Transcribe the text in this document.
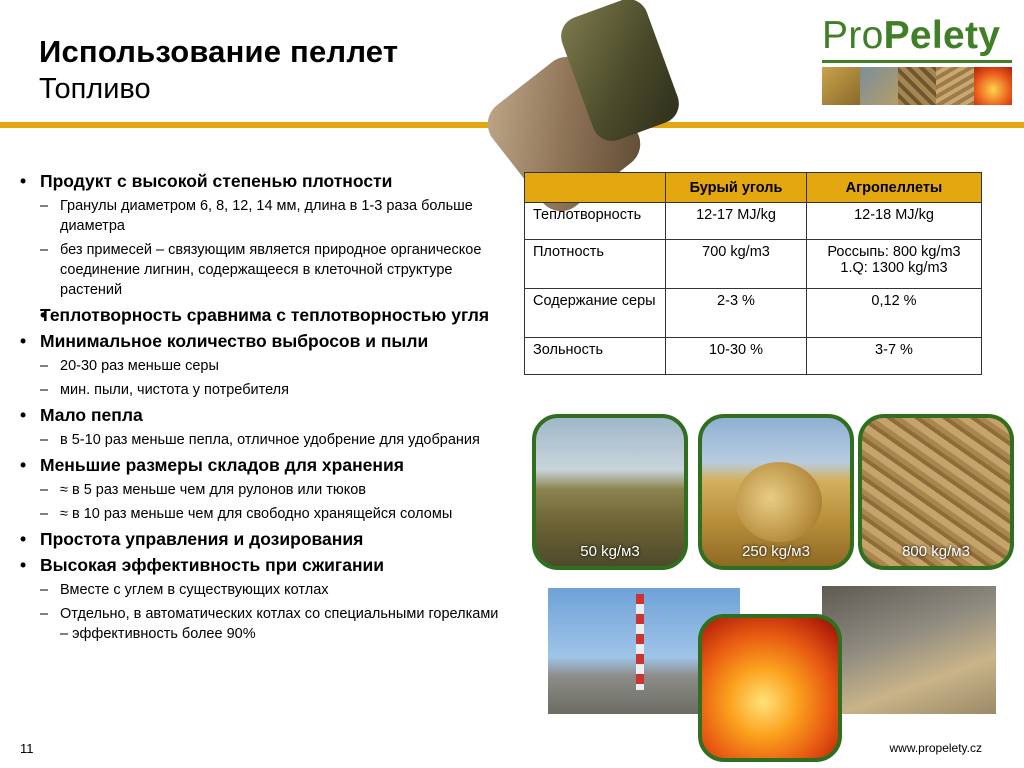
Использование пеллет
Топливо
ProPelety
• Продукт с высокой степенью плотности
– Гранулы диаметром 6, 8, 12, 14 мм, длина в 1-3 раза больше диаметра
– без примесей – связующим является природное органическое соединение лигнин, содержащееся в клеточной структуре растений
• Теплотворность сравнима с теплотворностью угля
• Минимальное количество выбросов и пыли
– 20-30 раз меньше серы
– мин. пыли, чистота у потребителя
• Мало пепла
– в 5-10 раз меньше пепла, отличное удобрение для удобрания
• Меньшие размеры складов для хранения
– ≈ в 5 раз меньше чем для рулонов или тюков
– ≈ в 10 раз меньше чем для свободно хранящейся соломы
• Простота управления и дозирования
• Высокая эффективность при сжигании
– Вместе с углем в существующих котлах
– Отдельно, в автоматических котлах со специальными горелками – эффективность более 90%
	Бурый уголь	Агропеллеты
Теплотворность	12-17 MJ/kg	12-18 MJ/kg
Плотность	700 kg/m3	Россыпь: 800 kg/m3
1.Q: 1300 kg/m3

Содержание серы	2-3 %	0,12 %
Зольность	10-30 %	3-7 %
50 kg/м3	250 kg/м3	800 kg/м3
11	www.propelety.cz
